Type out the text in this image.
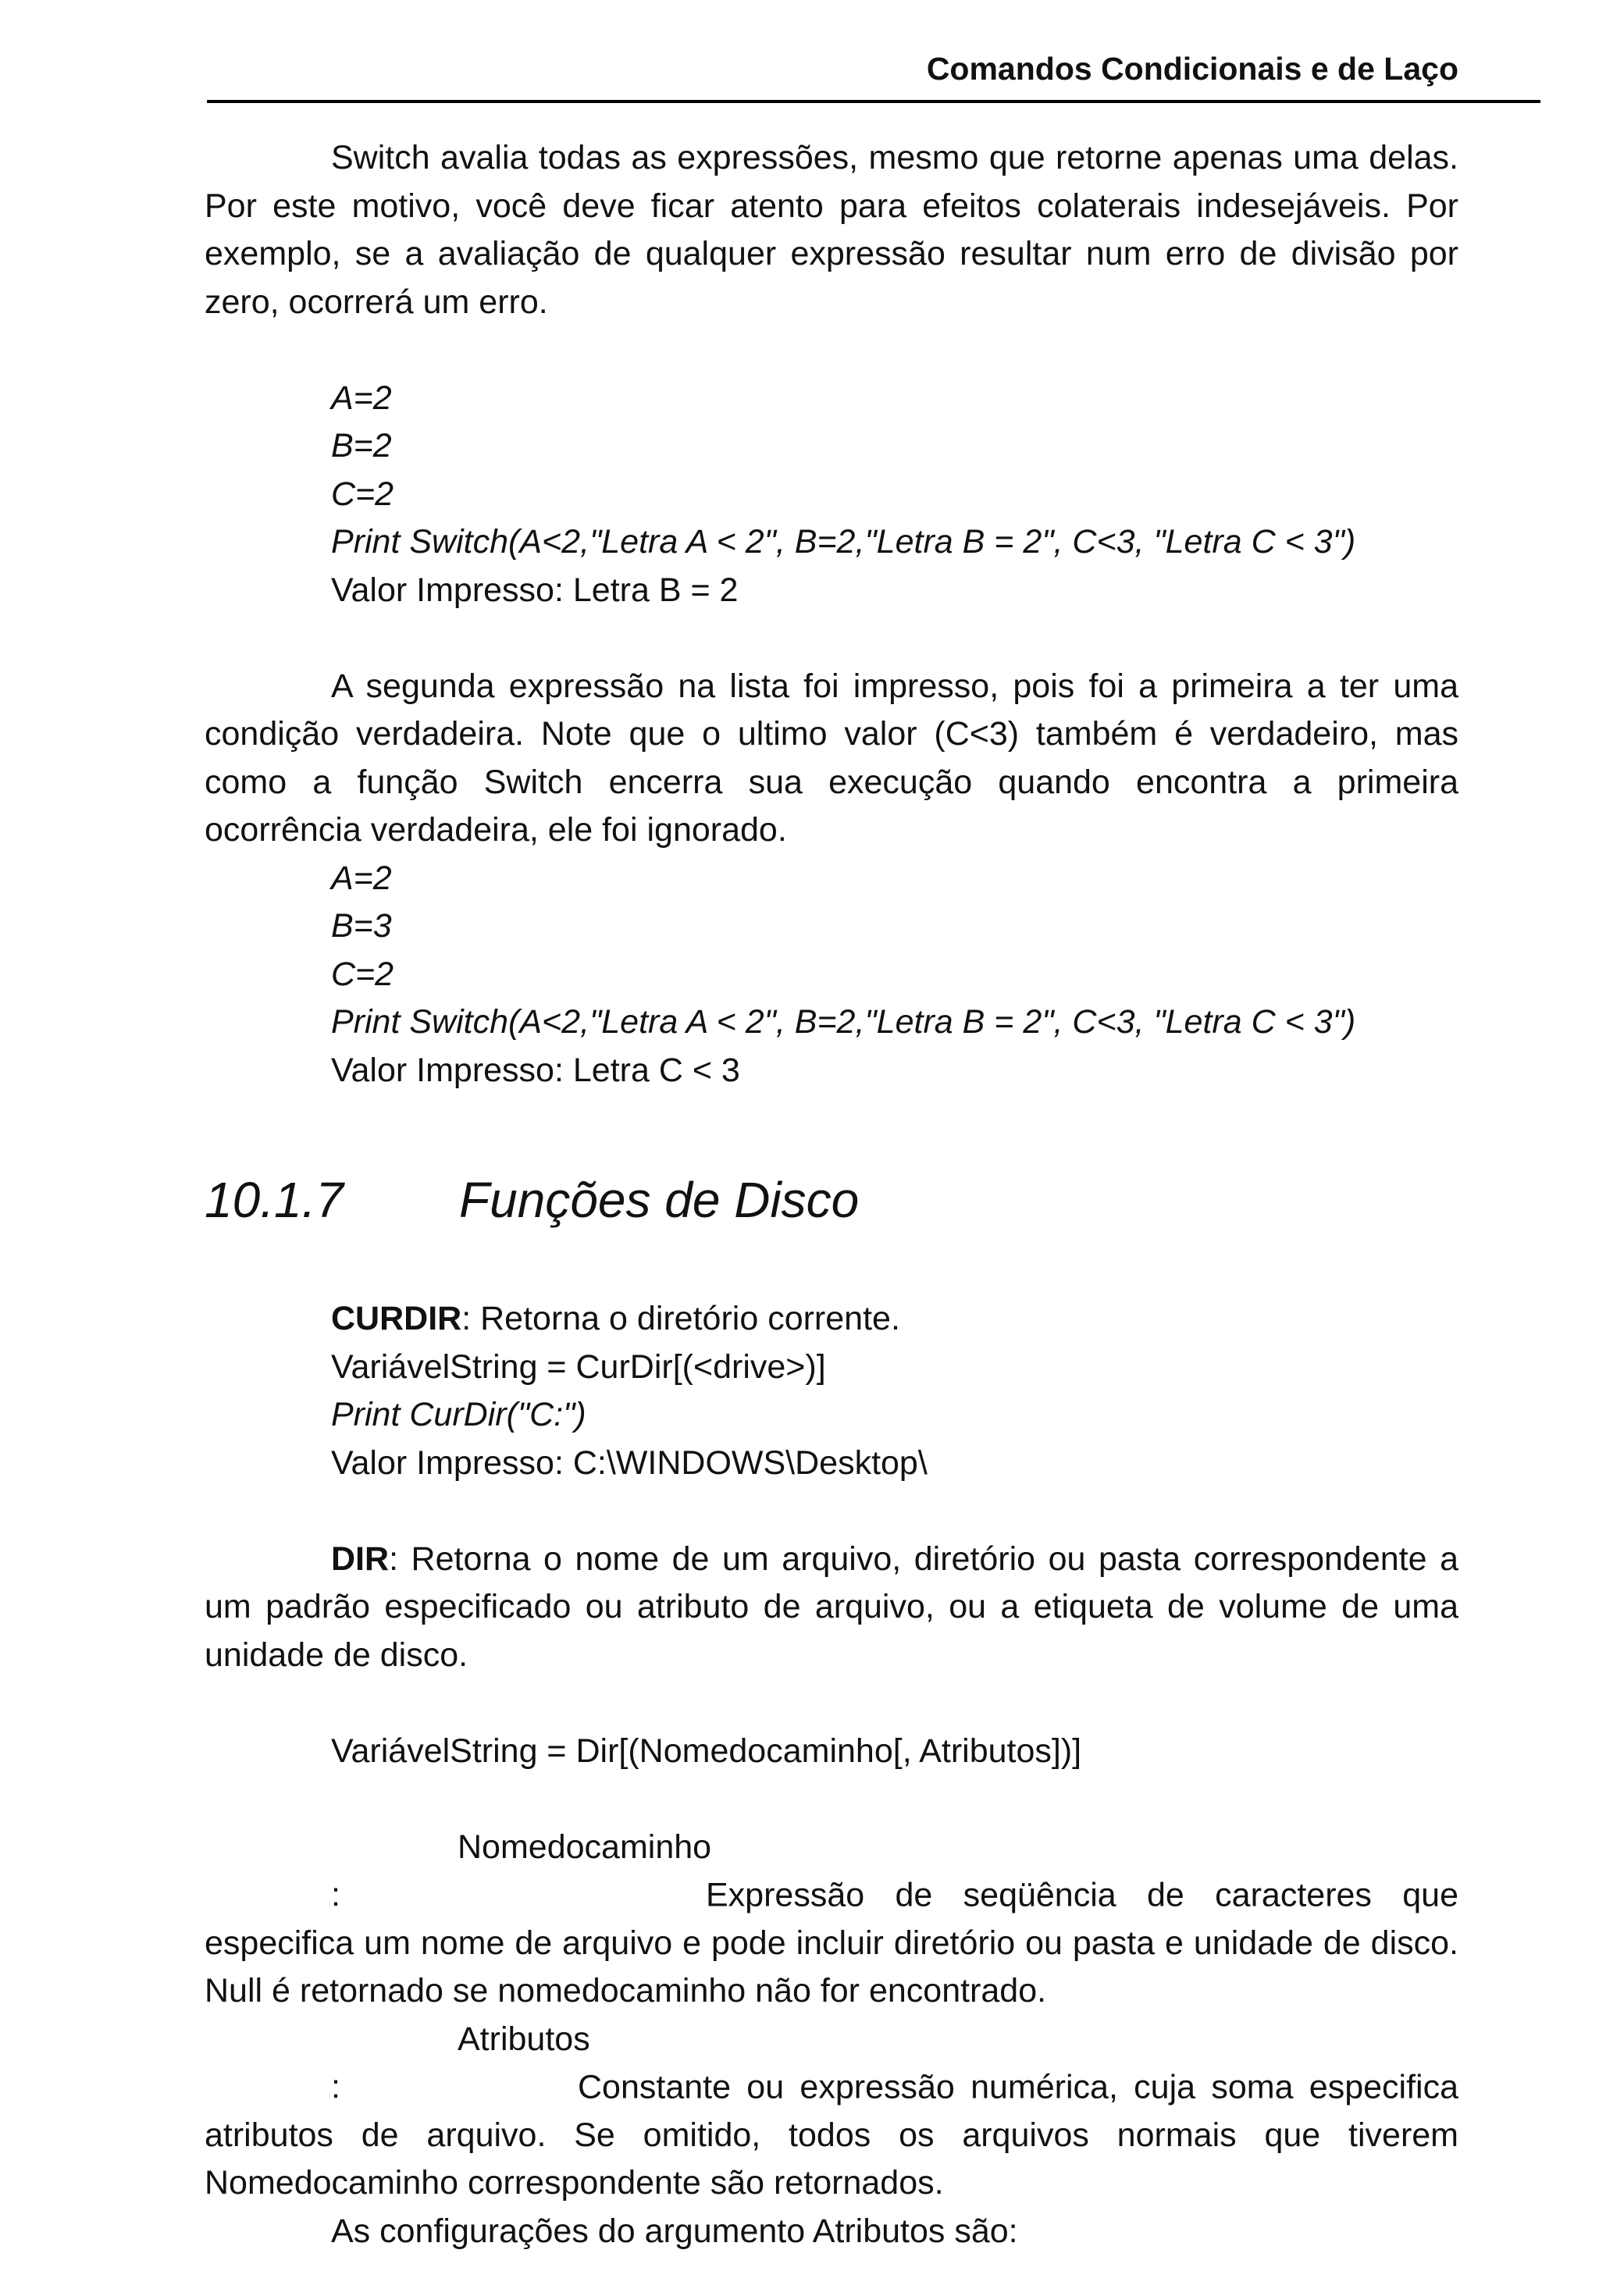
Comandos Condicionais e de Laço

Switch avalia todas as expressões, mesmo que retorne apenas uma delas. Por este motivo, você deve ficar atento para efeitos colaterais indesejáveis. Por exemplo, se a avaliação de qualquer expressão resultar num erro de divisão por zero, ocorrerá um erro.

A=2

B=2

C=2

Print Switch(A<2,"Letra A < 2", B=2,"Letra B = 2", C<3, "Letra C < 3")

Valor Impresso: Letra B = 2

A segunda expressão na lista foi impresso, pois foi a primeira a ter uma condição verdadeira. Note que o ultimo valor (C<3) também é verdadeiro, mas como a função Switch encerra sua execução quando encontra a primeira ocorrência verdadeira, ele foi ignorado.

A=2

B=3

C=2

Print Switch(A<2,"Letra A < 2", B=2,"Letra B = 2", C<3, "Letra C < 3")

Valor Impresso: Letra C < 3

10.1.7 Funções de Disco

CURDIR: Retorna o diretório corrente.

VariávelString = CurDir[(<drive>)]

Print CurDir("C:")

Valor Impresso: C:\WINDOWS\Desktop\

DIR: Retorna o nome de um arquivo, diretório ou pasta correspondente a um padrão especificado ou atributo de arquivo, ou a etiqueta de volume de uma unidade de disco.

VariávelString = Dir[(Nomedocaminho[, Atributos])]

Nomedocaminho :	Expressão de seqüência de caracteres que especifica um nome de arquivo e pode incluir diretório ou pasta e unidade de disco. Null é retornado se nomedocaminho não for encontrado.

Atributos :	Constante ou expressão numérica, cuja soma especifica atributos de arquivo. Se omitido, todos os arquivos normais que tiverem Nomedocaminho correspondente são retornados.

As configurações do argumento Atributos são:
